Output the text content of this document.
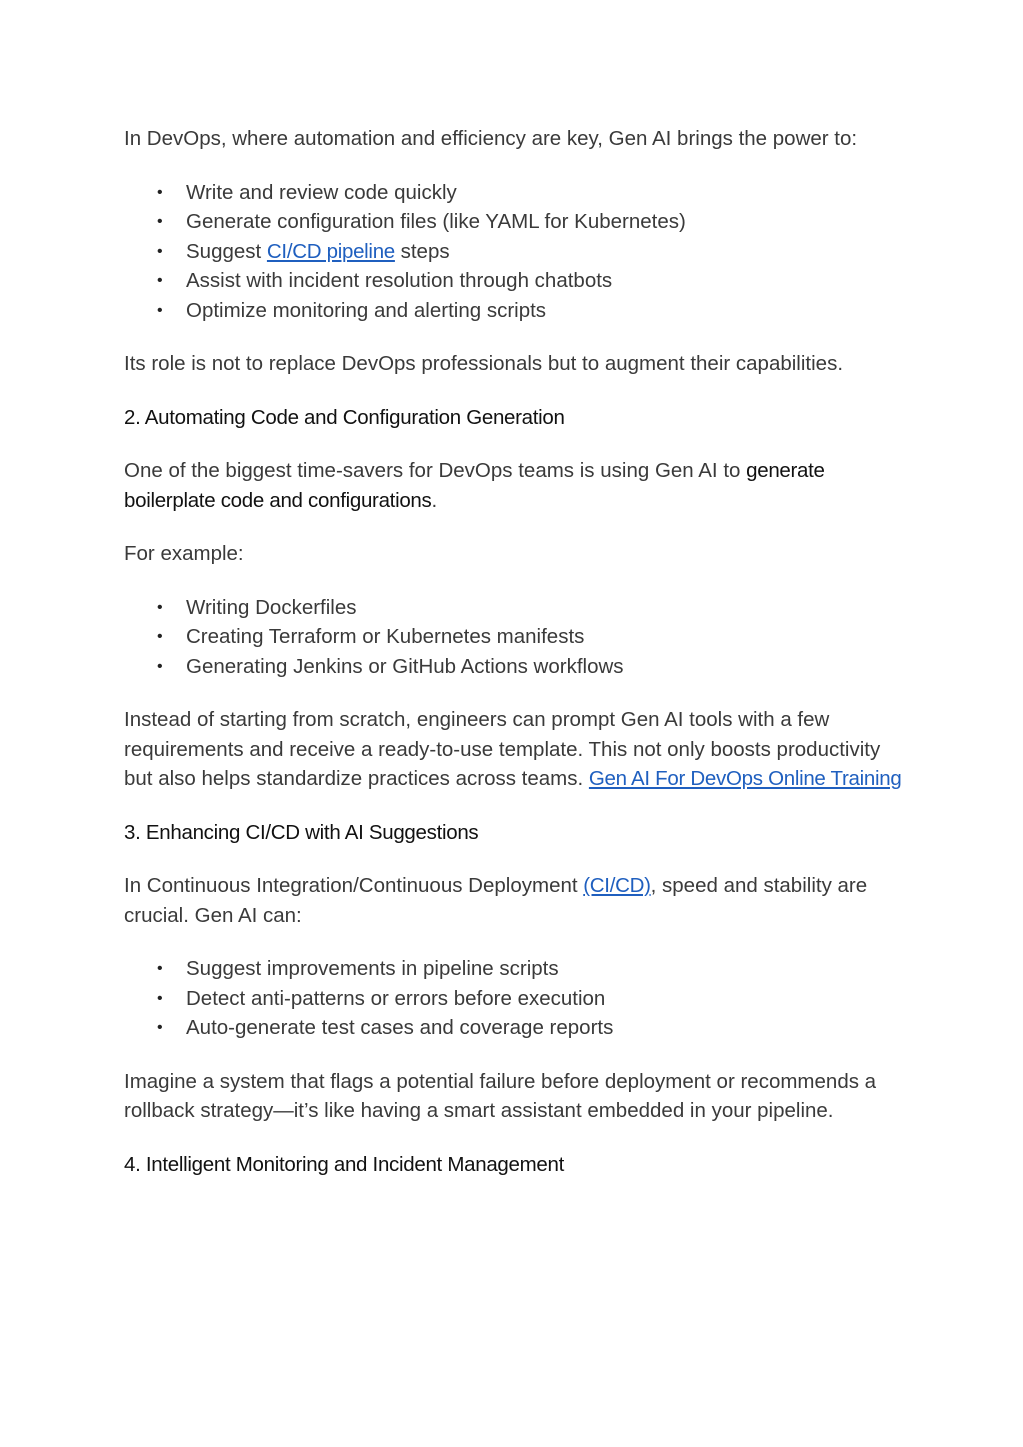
In DevOps, where automation and efficiency are key, Gen AI brings the power to:

• Write and review code quickly
• Generate configuration files (like YAML for Kubernetes)
• Suggest CI/CD pipeline steps
• Assist with incident resolution through chatbots
• Optimize monitoring and alerting scripts

Its role is not to replace DevOps professionals but to augment their capabilities.

2. Automating Code and Configuration Generation

One of the biggest time-savers for DevOps teams is using Gen AI to generate boilerplate code and configurations.

For example:

• Writing Dockerfiles
• Creating Terraform or Kubernetes manifests
• Generating Jenkins or GitHub Actions workflows

Instead of starting from scratch, engineers can prompt Gen AI tools with a few requirements and receive a ready-to-use template. This not only boosts productivity but also helps standardize practices across teams. Gen AI For DevOps Online Training

3. Enhancing CI/CD with AI Suggestions

In Continuous Integration/Continuous Deployment (CI/CD), speed and stability are crucial. Gen AI can:

• Suggest improvements in pipeline scripts
• Detect anti-patterns or errors before execution
• Auto-generate test cases and coverage reports

Imagine a system that flags a potential failure before deployment or recommends a rollback strategy—it’s like having a smart assistant embedded in your pipeline.

4. Intelligent Monitoring and Incident Management
